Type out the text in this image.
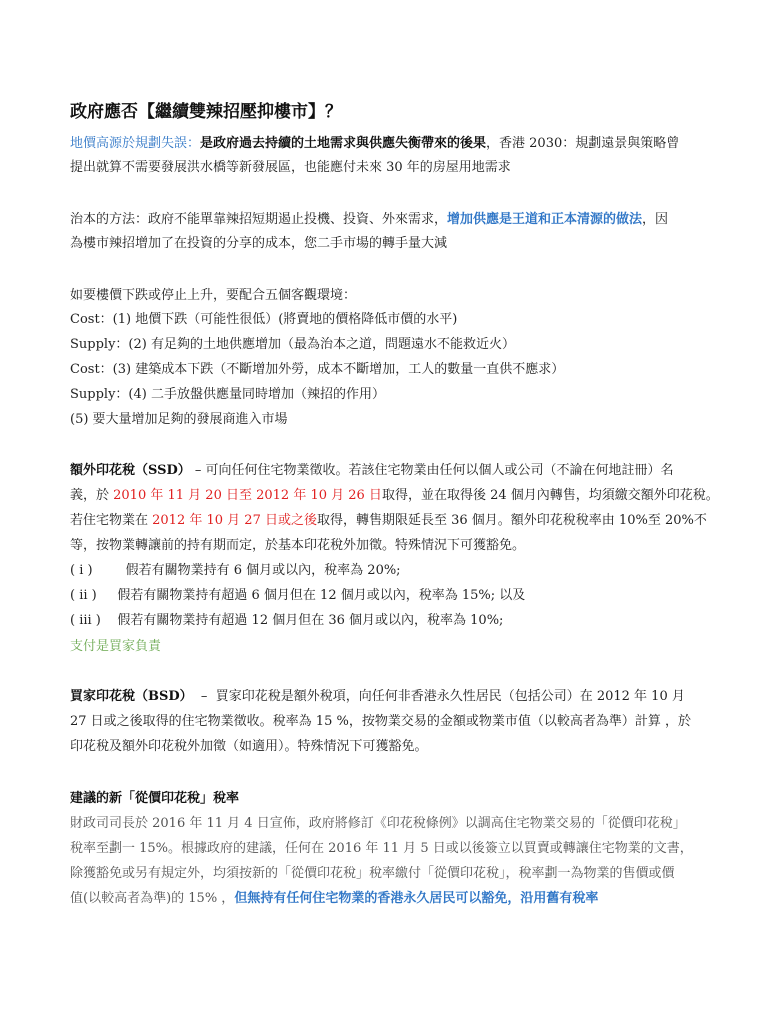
政府應否【繼續雙辣招壓抑樓市】？
地價高源於規劃失誤：是政府過去持續的土地需求與供應失衡帶來的後果，香港 2030：規劃遠景與策略曾
提出就算不需要發展洪水橋等新發展區，也能應付未來 30 年的房屋用地需求
治本的方法：政府不能單靠辣招短期遏止投機、投資、外來需求，增加供應是王道和正本清源的做法，因
為樓市辣招增加了在投資的分享的成本，您二手市場的轉手量大減
如要樓價下跌或停止上升，要配合五個客觀環境：
Cost：(1) 地價下跌（可能性很低）(將賣地的價格降低市價的水平)
Supply：(2) 有足夠的土地供應增加（最為治本之道，問題遠水不能救近火）
Cost：(3) 建築成本下跌（不斷增加外勞，成本不斷增加，工人的數量一直供不應求）
Supply：(4) 二手放盤供應量同時增加（辣招的作用）
(5) 要大量增加足夠的發展商進入市場
額外印花稅（SSD） – 可向任何住宅物業徵收。若該住宅物業由任何以個人或公司（不論在何地註冊）名
義，於 2010 年 11 月 20 日至 2012 年 10 月 26 日取得，並在取得後 24 個月內轉售，均須繳交額外印花稅。
若住宅物業在 2012 年 10 月 27 日或之後取得，轉售期限延長至 36 個月。額外印花稅稅率由 10%至 20%不
等，按物業轉讓前的持有期而定，於基本印花稅外加徵。特殊情況下可獲豁免。
( i )        假若有關物業持有 6 個月或以內，稅率為 20%;
( ii )     假若有關物業持有超過 6 個月但在 12 個月或以內，稅率為 15%; 以及
( iii )    假若有關物業持有超過 12 個月但在 36 個月或以內，稅率為 10%;
支付是買家負責
買家印花稅（BSD）  –  買家印花稅是額外稅項，向任何非香港永久性居民（包括公司）在 2012 年 10 月
27 日或之後取得的住宅物業徵收。稅率為 15 %，按物業交易的金額或物業市值（以較高者為準）計算 ，於
印花稅及額外印花稅外加徵（如適用）。特殊情況下可獲豁免。
建議的新「從價印花稅」稅率
財政司司長於 2016 年 11 月 4 日宣佈，政府將修訂《印花稅條例》以調高住宅物業交易的「從價印花稅」
稅率至劃一 15%。根據政府的建議，任何在 2016 年 11 月 5 日或以後簽立以買賣或轉讓住宅物業的文書，
除獲豁免或另有規定外，均須按新的「從價印花稅」稅率繳付「從價印花稅」，稅率劃一為物業的售價或價
值(以較高者為準)的 15% ，但無持有任何住宅物業的香港永久居民可以豁免，沿用舊有稅率
